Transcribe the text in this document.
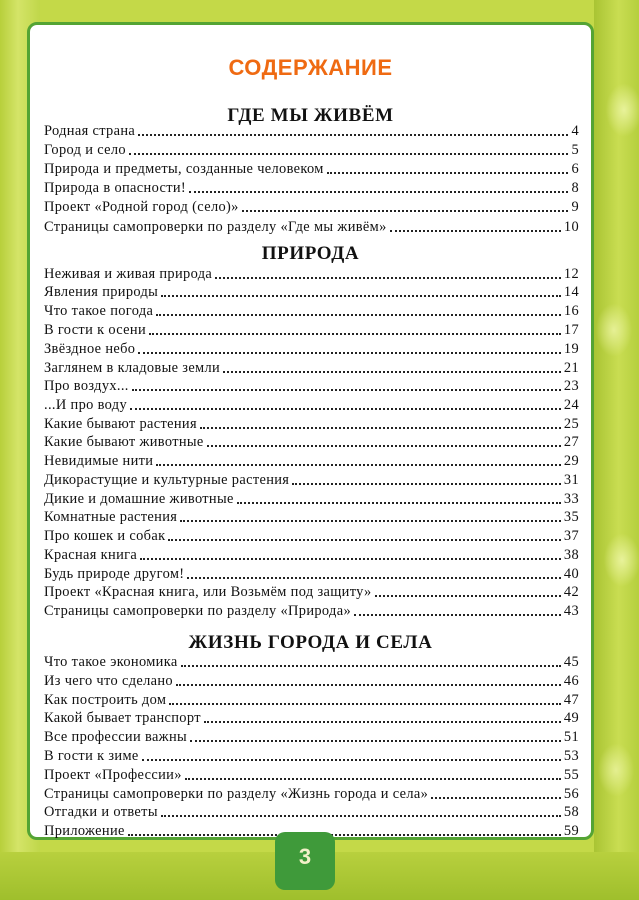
СОДЕРЖАНИЕ
ГДЕ МЫ ЖИВЁМ
Родная страна	4
Город и село	5
Природа и предметы, созданные человеком	6
Природа в опасности!	8
Проект «Родной город (село)»	9
Страницы самопроверки по разделу «Где мы живём»	10
ПРИРОДА
Неживая и живая природа	12
Явления природы	14
Что такое погода	16
В гости к осени	17
Звёздное небо	19
Заглянем в кладовые земли	21
Про воздух...	23
...И про воду	24
Какие бывают растения	25
Какие бывают животные	27
Невидимые нити	29
Дикорастущие и культурные растения	31
Дикие и домашние животные	33
Комнатные растения	35
Про кошек и собак	37
Красная книга	38
Будь природе другом!	40
Проект «Красная книга, или Возьмём под защиту»	42
Страницы самопроверки по разделу «Природа»	43
ЖИЗНЬ ГОРОДА И СЕЛА
Что такое экономика	45
Из чего что сделано	46
Как построить дом	47
Какой бывает транспорт	49
Все профессии важны	51
В гости к зиме	53
Проект «Профессии»	55
Страницы самопроверки по разделу «Жизнь города и села»	56
Отгадки и ответы	58
Приложение	59
3
